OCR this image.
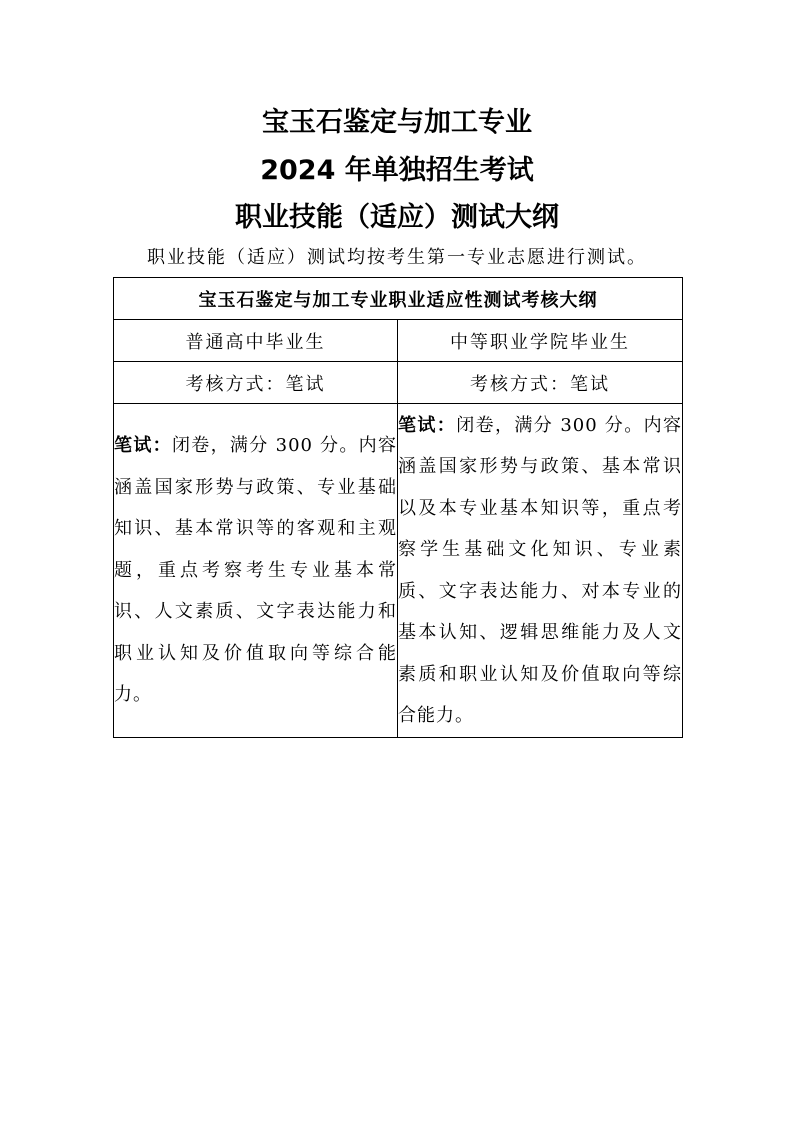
宝玉石鉴定与加工专业
2024 年单独招生考试
职业技能（适应）测试大纲
职业技能（适应）测试均按考生第一专业志愿进行测试。
宝玉石鉴定与加工专业职业适应性测试考核大纲	
普通高中毕业生	中等职业学院毕业生
考核方式：笔试	考核方式：笔试
笔试：闭卷，满分 300 分。内容涵盖国家形势与政策、专业基础知识、基本常识等的客观和主观题，重点考察考生专业基本常识、人文素质、文字表达能力和职业认知及价值取向等综合能力。	笔试：闭卷，满分 300 分。内容涵盖国家形势与政策、基本常识以及本专业基本知识等，重点考察学生基础文化知识、专业素质、文字表达能力、对本专业的基本认知、逻辑思维能力及人文素质和职业认知及价值取向等综合能力。
